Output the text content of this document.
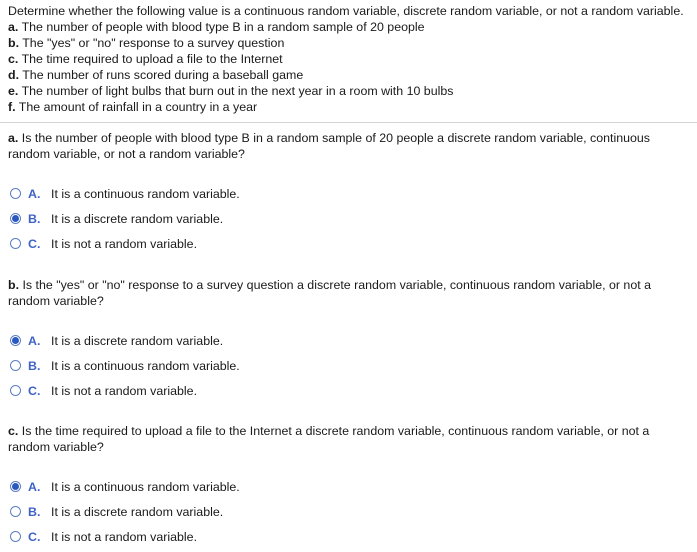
Determine whether the following value is a continuous random variable, discrete random variable, or not a random variable.

a. The number of people with blood type B in a random sample of 20 people
b. The "yes" or "no" response to a survey question
c. The time required to upload a file to the Internet
d. The number of runs scored during a baseball game
e. The number of light bulbs that burn out in the next year in a room with 10 bulbs
f. The amount of rainfall in a country in a year
a. Is the number of people with blood type B in a random sample of 20 people a discrete random variable, continuous random variable, or not a random variable?
A. It is a continuous random variable.
B. It is a discrete random variable.
C. It is not a random variable.
b. Is the "yes" or "no" response to a survey question a discrete random variable, continuous random variable, or not a random variable?
A. It is a discrete random variable.
B. It is a continuous random variable.
C. It is not a random variable.
c. Is the time required to upload a file to the Internet a discrete random variable, continuous random variable, or not a random variable?
A. It is a continuous random variable.
B. It is a discrete random variable.
C. It is not a random variable.
